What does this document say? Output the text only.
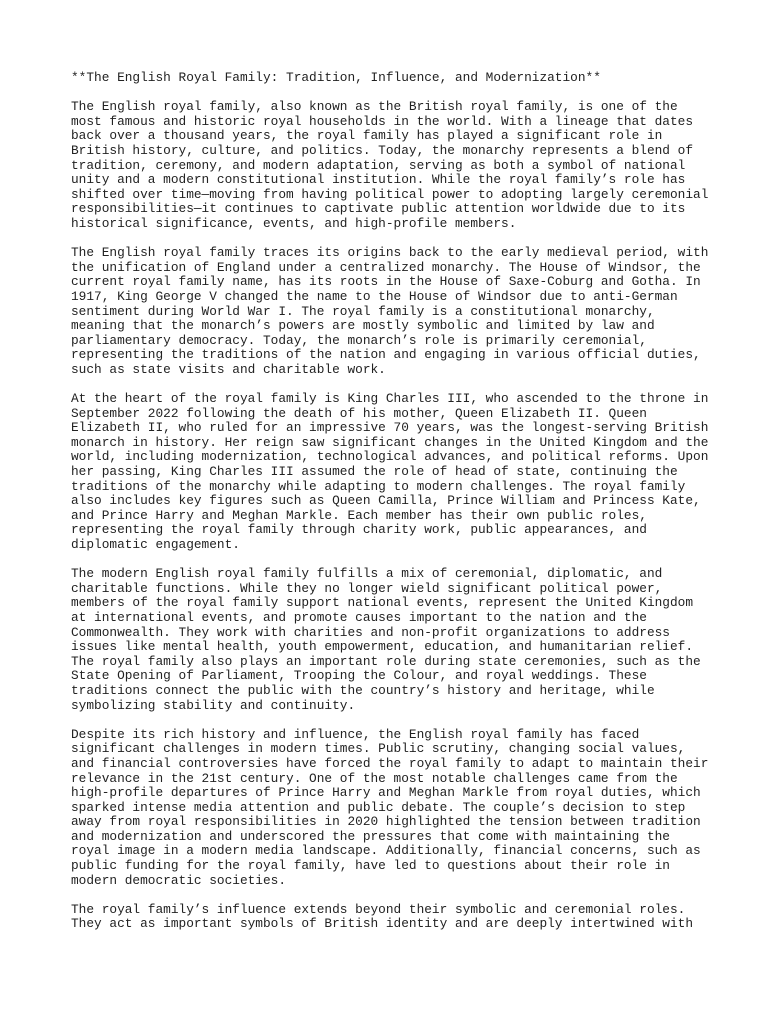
**The English Royal Family: Tradition, Influence, and Modernization**

The English royal family, also known as the British royal family, is one of the
most famous and historic royal households in the world. With a lineage that dates
back over a thousand years, the royal family has played a significant role in
British history, culture, and politics. Today, the monarchy represents a blend of
tradition, ceremony, and modern adaptation, serving as both a symbol of national
unity and a modern constitutional institution. While the royal family’s role has
shifted over time—moving from having political power to adopting largely ceremonial
responsibilities—it continues to captivate public attention worldwide due to its
historical significance, events, and high-profile members.

The English royal family traces its origins back to the early medieval period, with
the unification of England under a centralized monarchy. The House of Windsor, the
current royal family name, has its roots in the House of Saxe-Coburg and Gotha. In
1917, King George V changed the name to the House of Windsor due to anti-German
sentiment during World War I. The royal family is a constitutional monarchy,
meaning that the monarch’s powers are mostly symbolic and limited by law and
parliamentary democracy. Today, the monarch’s role is primarily ceremonial,
representing the traditions of the nation and engaging in various official duties,
such as state visits and charitable work.

At the heart of the royal family is King Charles III, who ascended to the throne in
September 2022 following the death of his mother, Queen Elizabeth II. Queen
Elizabeth II, who ruled for an impressive 70 years, was the longest-serving British
monarch in history. Her reign saw significant changes in the United Kingdom and the
world, including modernization, technological advances, and political reforms. Upon
her passing, King Charles III assumed the role of head of state, continuing the
traditions of the monarchy while adapting to modern challenges. The royal family
also includes key figures such as Queen Camilla, Prince William and Princess Kate,
and Prince Harry and Meghan Markle. Each member has their own public roles,
representing the royal family through charity work, public appearances, and
diplomatic engagement.

The modern English royal family fulfills a mix of ceremonial, diplomatic, and
charitable functions. While they no longer wield significant political power,
members of the royal family support national events, represent the United Kingdom
at international events, and promote causes important to the nation and the
Commonwealth. They work with charities and non-profit organizations to address
issues like mental health, youth empowerment, education, and humanitarian relief.
The royal family also plays an important role during state ceremonies, such as the
State Opening of Parliament, Trooping the Colour, and royal weddings. These
traditions connect the public with the country’s history and heritage, while
symbolizing stability and continuity.

Despite its rich history and influence, the English royal family has faced
significant challenges in modern times. Public scrutiny, changing social values,
and financial controversies have forced the royal family to adapt to maintain their
relevance in the 21st century. One of the most notable challenges came from the
high-profile departures of Prince Harry and Meghan Markle from royal duties, which
sparked intense media attention and public debate. The couple’s decision to step
away from royal responsibilities in 2020 highlighted the tension between tradition
and modernization and underscored the pressures that come with maintaining the
royal image in a modern media landscape. Additionally, financial concerns, such as
public funding for the royal family, have led to questions about their role in
modern democratic societies.

The royal family’s influence extends beyond their symbolic and ceremonial roles.
They act as important symbols of British identity and are deeply intertwined with
